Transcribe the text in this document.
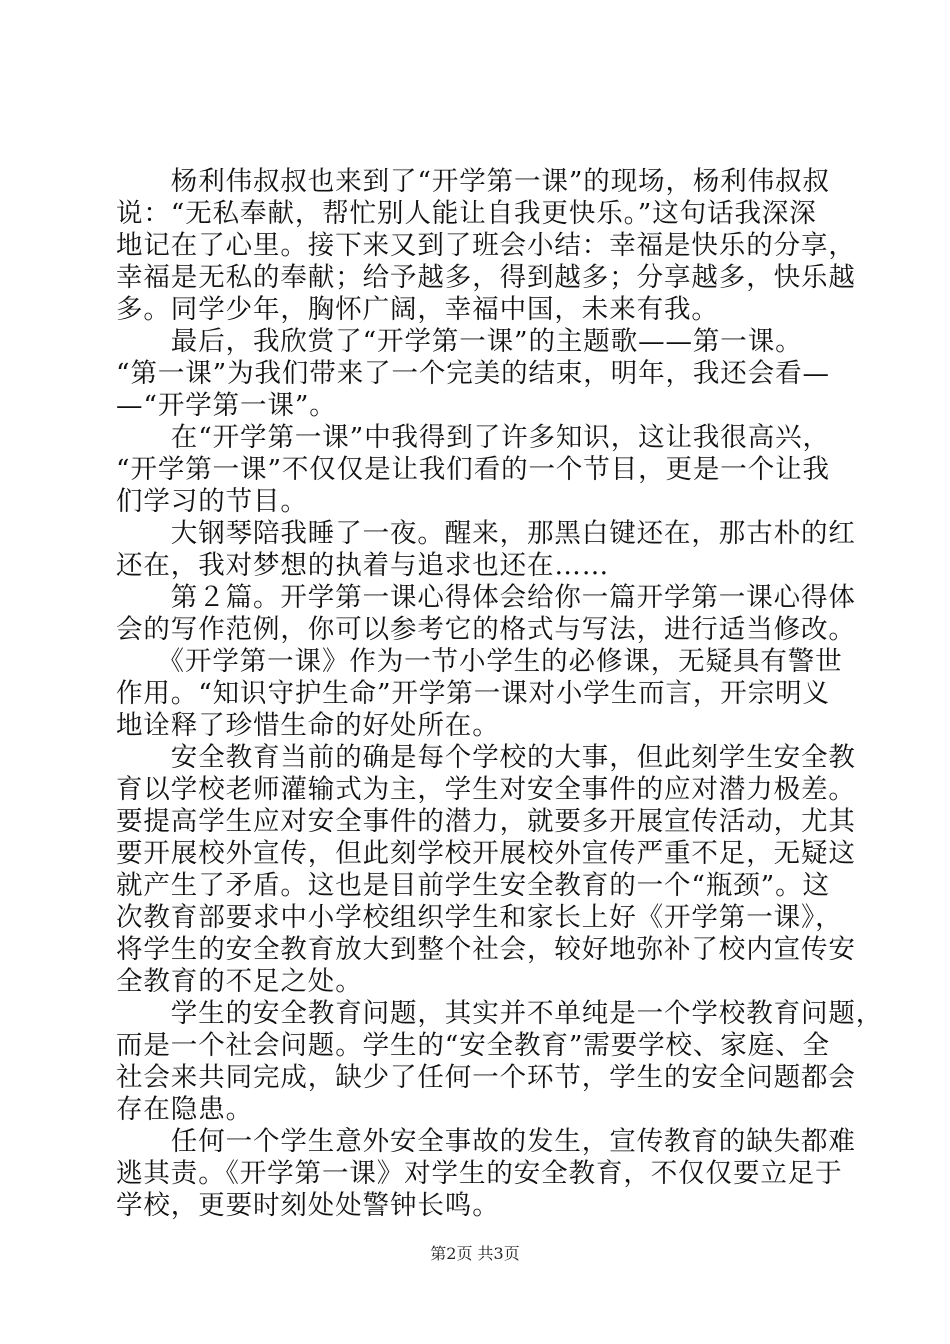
　　杨利伟叔叔也来到了“开学第一课”的现场，杨利伟叔叔
说：“无私奉献，帮忙别人能让自我更快乐。”这句话我深深
地记在了心里。接下来又到了班会小结：幸福是快乐的分享，
幸福是无私的奉献；给予越多，得到越多；分享越多，快乐越
多。同学少年，胸怀广阔，幸福中国，未来有我。
　　最后，我欣赏了“开学第一课”的主题歌——第一课。
“第一课”为我们带来了一个完美的结束，明年，我还会看—
—“开学第一课”。
　　在“开学第一课”中我得到了许多知识，这让我很高兴，
“开学第一课”不仅仅是让我们看的一个节目，更是一个让我
们学习的节目。
　　大钢琴陪我睡了一夜。醒来，那黑白键还在，那古朴的红
还在，我对梦想的执着与追求也还在……
　　第２篇。开学第一课心得体会给你一篇开学第一课心得体
会的写作范例，你可以参考它的格式与写法，进行适当修改。
　　《开学第一课》作为一节小学生的必修课，无疑具有警世
作用。“知识守护生命”开学第一课对小学生而言，开宗明义
地诠释了珍惜生命的好处所在。
　　安全教育当前的确是每个学校的大事，但此刻学生安全教
育以学校老师灌输式为主，学生对安全事件的应对潜力极差。
要提高学生应对安全事件的潜力，就要多开展宣传活动，尤其
要开展校外宣传，但此刻学校开展校外宣传严重不足，无疑这
就产生了矛盾。这也是目前学生安全教育的一个“瓶颈”。这
次教育部要求中小学校组织学生和家长上好《开学第一课》，
将学生的安全教育放大到整个社会，较好地弥补了校内宣传安
全教育的不足之处。
　　学生的安全教育问题，其实并不单纯是一个学校教育问题，
而是一个社会问题。学生的“安全教育”需要学校、家庭、全
社会来共同完成，缺少了任何一个环节，学生的安全问题都会
存在隐患。
　　任何一个学生意外安全事故的发生，宣传教育的缺失都难
逃其责。《开学第一课》对学生的安全教育，不仅仅要立足于
学校，更要时刻处处警钟长鸣。
第2页 共3页
